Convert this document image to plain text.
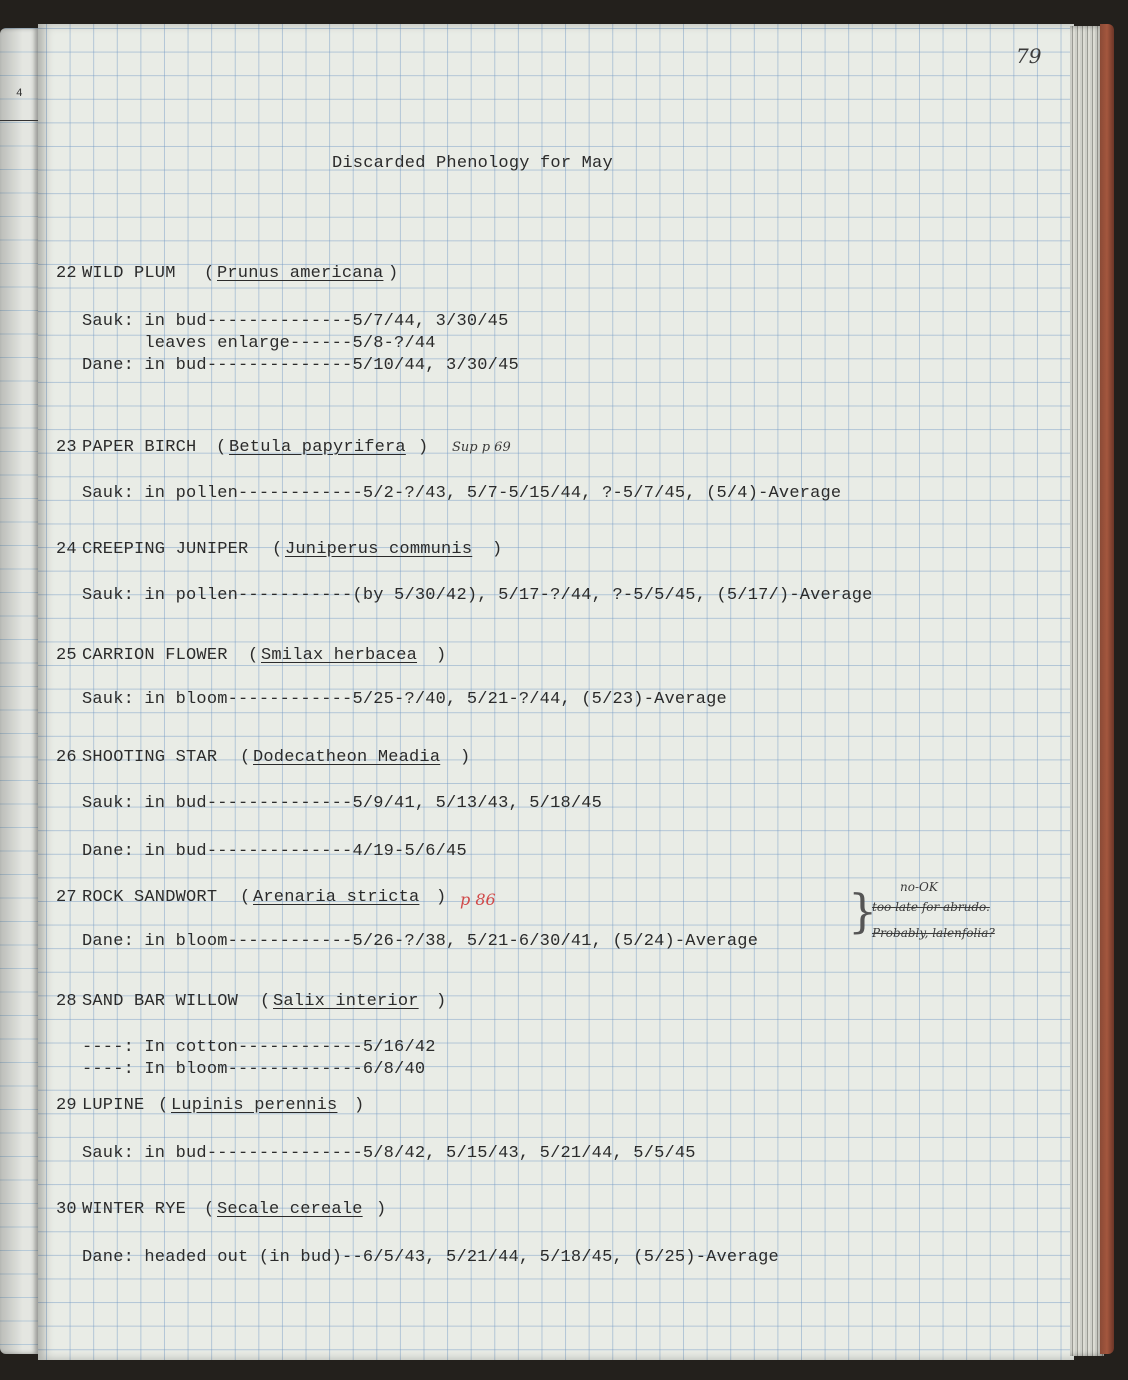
4
79
Discarded Phenology for May
22 WILD PLUM ( Prunus americana )
Sauk: in bud--------------5/7/44, 3/30/45
leaves enlarge------5/8-?/44
Dane: in bud--------------5/10/44, 3/30/45
23 PAPER BIRCH ( Betula papyrifera ) Sup p 69
Sauk: in pollen------------5/2-?/43, 5/7-5/15/44, ?-5/7/45, (5/4)-Average
24 CREEPING JUNIPER ( Juniperus communis )
Sauk: in pollen-----------(by 5/30/42), 5/17-?/44, ?-5/5/45, (5/17/)-Average
25 CARRION FLOWER ( Smilax herbacea )
Sauk: in bloom------------5/25-?/40, 5/21-?/44, (5/23)-Average
26 SHOOTING STAR ( Dodecatheon Meadia )
Sauk: in bud--------------5/9/41, 5/13/43, 5/18/45
Dane: in bud--------------4/19-5/6/45
27 ROCK SANDWORT ( Arenaria stricta ) p 86
Dane: in bloom------------5/26-?/38, 5/21-6/30/41, (5/24)-Average
} no-OK
too late for abrudo.
Probably, lalenfolia?
28 SAND BAR WILLOW ( Salix interior )
----: In cotton------------5/16/42
----: In bloom-------------6/8/40
29 LUPINE ( Lupinis perennis )
Sauk: in bud---------------5/8/42, 5/15/43, 5/21/44, 5/5/45
30 WINTER RYE ( Secale cereale )
Dane: headed out (in bud)--6/5/43, 5/21/44, 5/18/45, (5/25)-Average
